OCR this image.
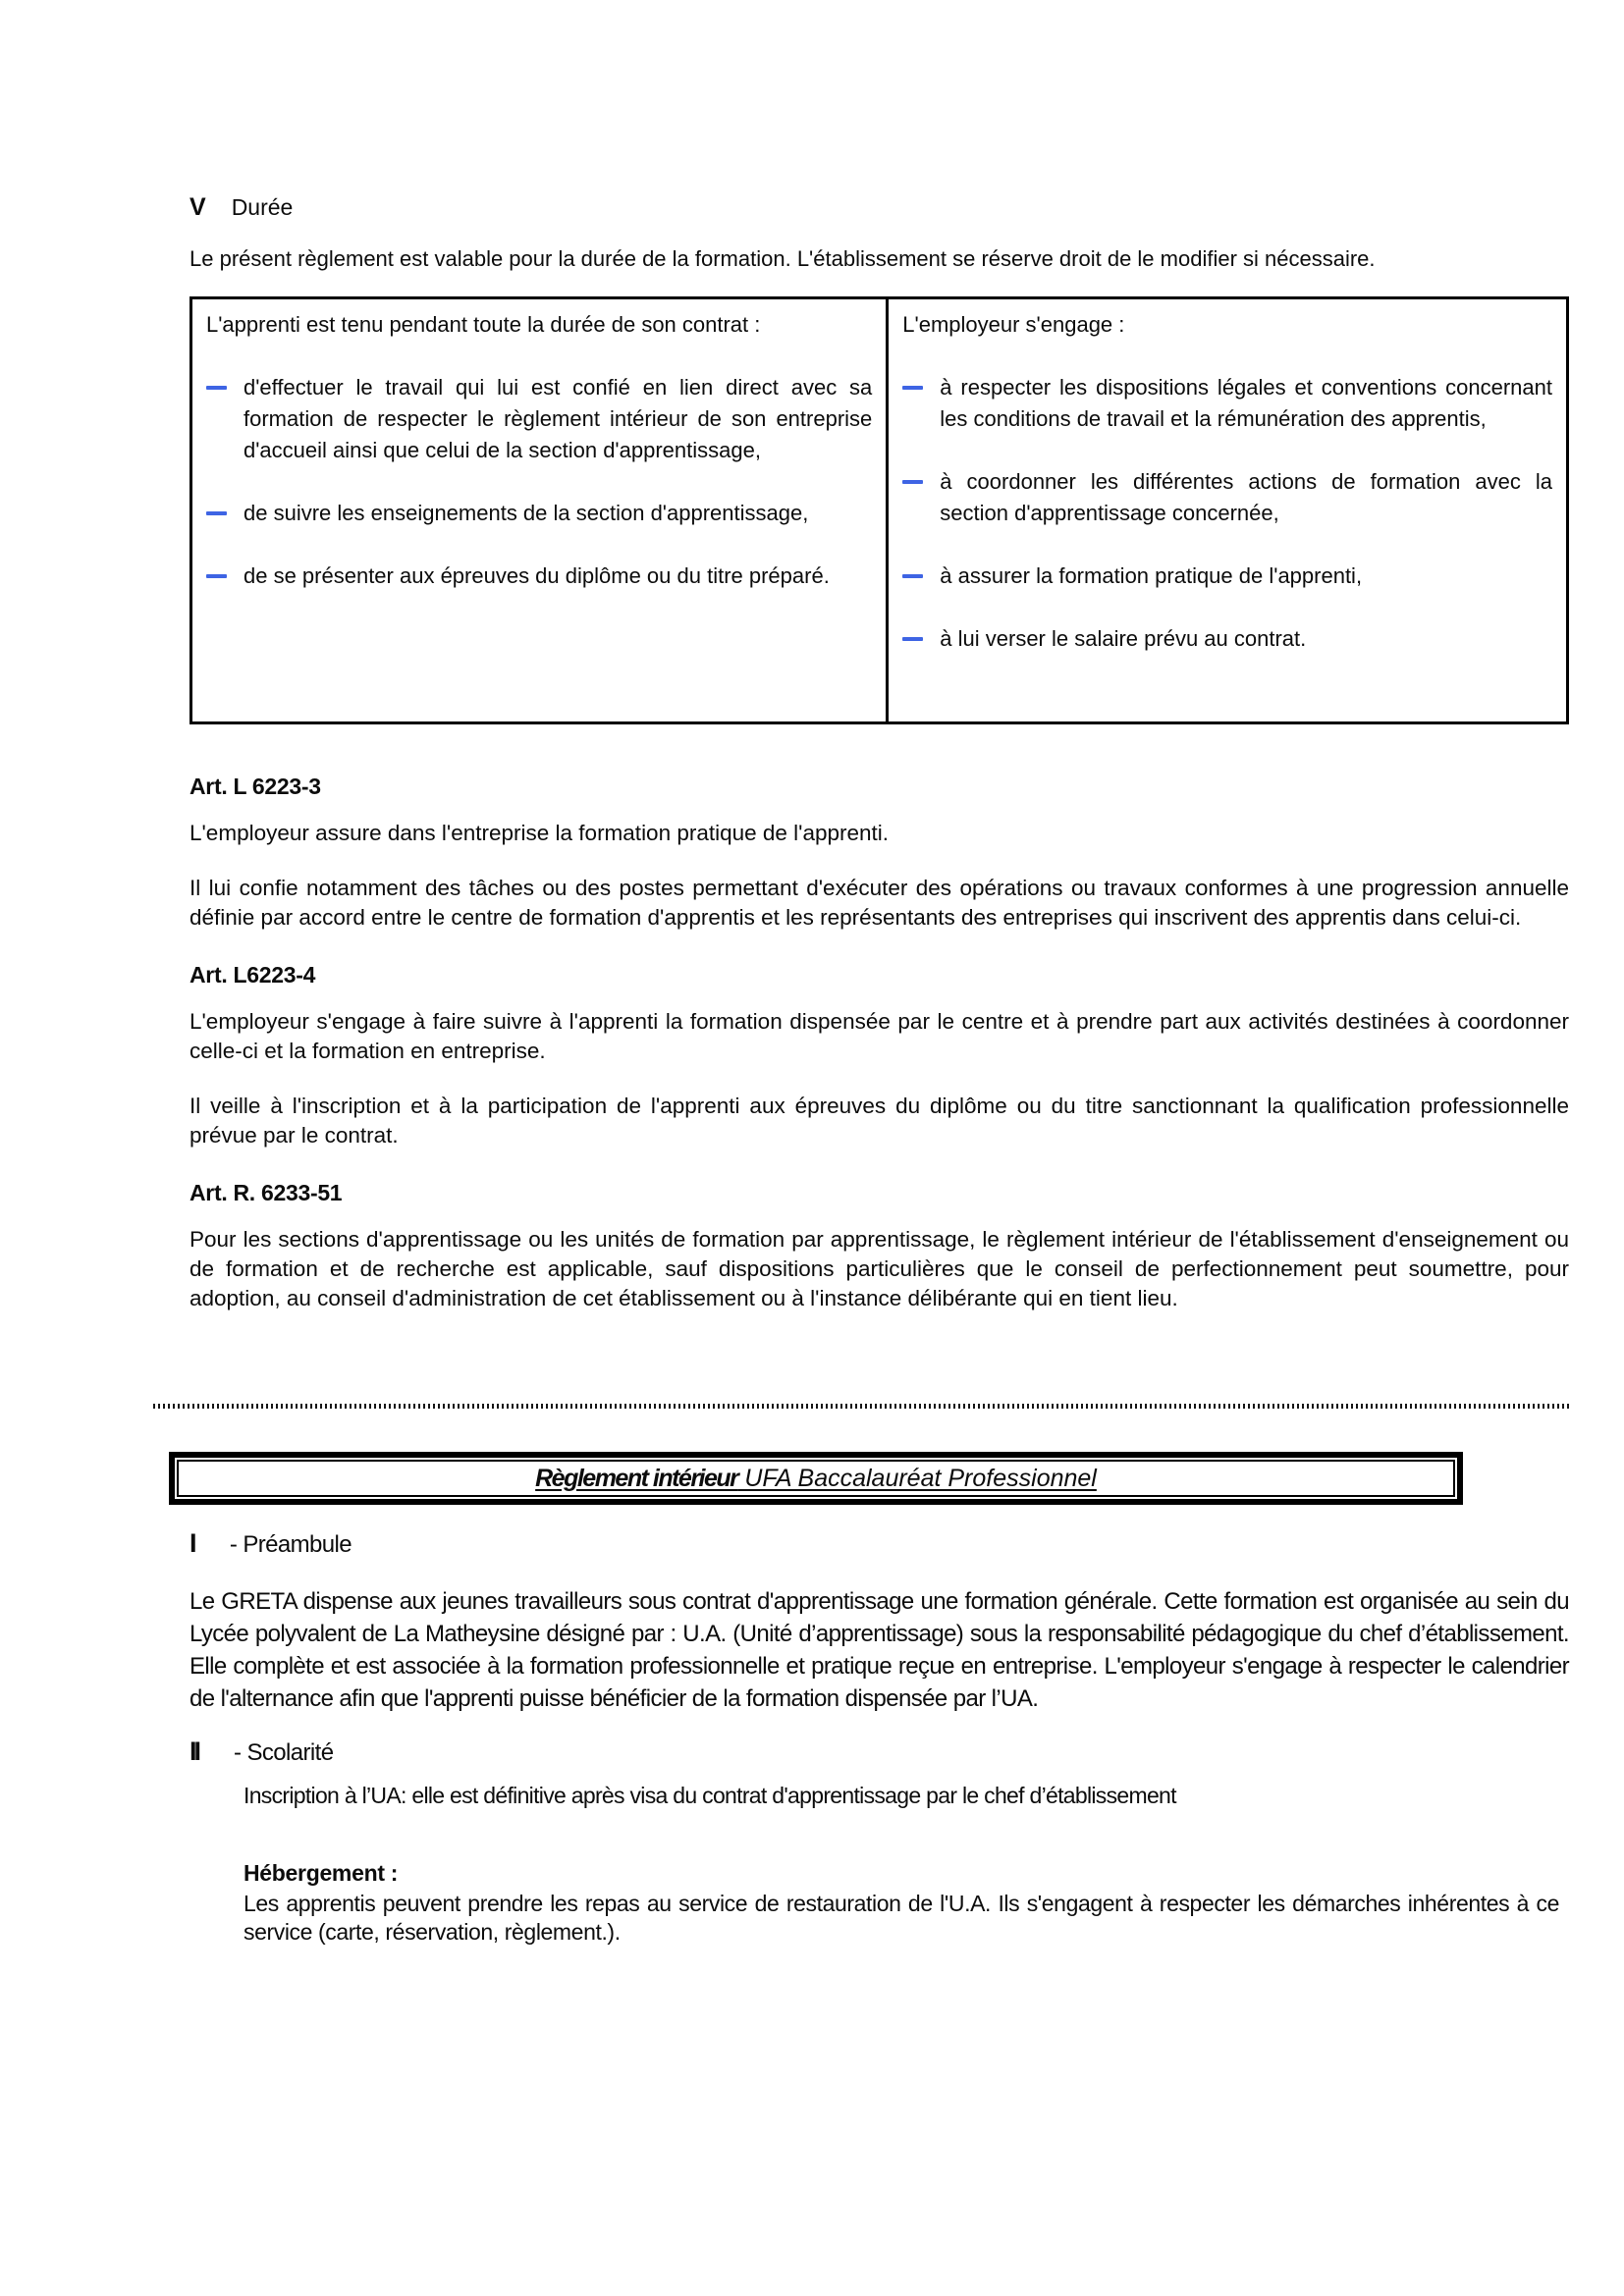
V Durée

Le présent règlement est valable pour la durée de la formation. L'établissement se réserve droit de le modifier si nécessaire.

L'apprenti est tenu pendant toute la durée de son contrat :
d'effectuer le travail qui lui est confié en lien direct avec sa formation de respecter le règlement intérieur de son entreprise d'accueil ainsi que celui de la section d'apprentissage,
de suivre les enseignements de la section d'apprentissage,
de se présenter aux épreuves du diplôme ou du titre préparé.
L'employeur s'engage :
à respecter les dispositions légales et conventions concernant les conditions de travail et la rémunération des apprentis,
à coordonner les différentes actions de formation avec la section d'apprentissage concernée,
à assurer la formation pratique de l'apprenti,
à lui verser le salaire prévu au contrat.
Art. L 6223-3

L'employeur assure dans l'entreprise la formation pratique de l'apprenti.

Il lui confie notamment des tâches ou des postes permettant d'exécuter des opérations ou travaux conformes à une progression annuelle définie par accord entre le centre de formation d'apprentis et les représentants des entreprises qui inscrivent des apprentis dans celui-ci.

Art. L6223-4

L'employeur s'engage à faire suivre à l'apprenti la formation dispensée par le centre et à prendre part aux activités destinées à coordonner celle-ci et la formation en entreprise.

Il veille à l'inscription et à la participation de l'apprenti aux épreuves du diplôme ou du titre sanctionnant la qualification professionnelle prévue par le contrat.

Art. R. 6233-51

Pour les sections d'apprentissage ou les unités de formation par apprentissage, le règlement intérieur de l'établissement d'enseignement ou de formation et de recherche est applicable, sauf dispositions particulières que le conseil de perfectionnement peut soumettre, pour adoption, au conseil d'administration de cet établissement ou à l'instance délibérante qui en tient lieu.

Règlement intérieur UFA Baccalauréat Professionnel
I - Préambule

Le GRETA dispense aux jeunes travailleurs sous contrat d'apprentissage une formation générale. Cette formation est organisée au sein du Lycée polyvalent de La Matheysine désigné par : U.A. (Unité d’apprentissage) sous la responsabilité pédagogique du chef d’établissement. Elle complète et est associée à la formation professionnelle et pratique reçue en entreprise. L'employeur s'engage à respecter le calendrier de l'alternance afin que l'apprenti puisse bénéficier de la formation dispensée par l’UA.

II - Scolarité
Inscription à l’UA: elle est définitive après visa du contrat d'apprentissage par le chef d’établissement
Hébergement :
Les apprentis peuvent prendre les repas au service de restauration de l'U.A. Ils s'engagent à respecter les démarches inhérentes à ce service (carte, réservation, règlement.).
